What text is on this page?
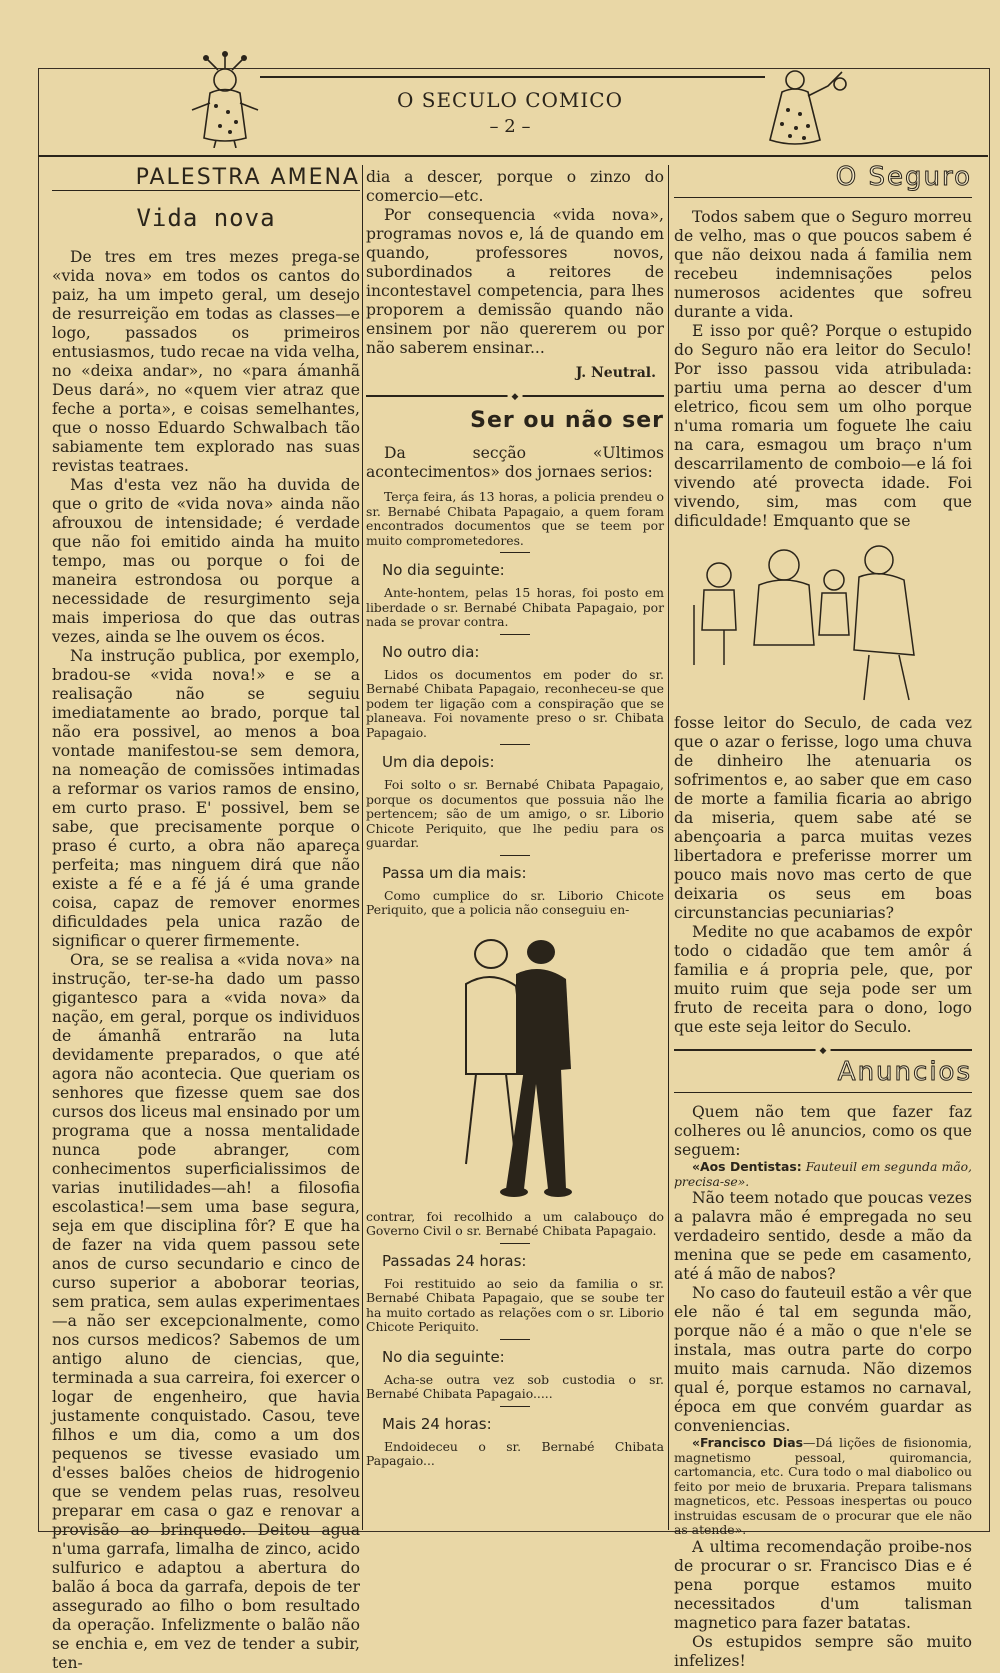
O SECULO COMICO
– 2 –
PALESTRA AMENA
Vida nova

De tres em tres mezes prega-se «vida nova» em todos os cantos do paiz, ha um impeto geral, um desejo de resurreição em todas as classes—e logo, passados os primeiros entusiasmos, tudo recae na vida velha, no «deixa andar», no «para ámanhã Deus dará», no «quem vier atraz que feche a porta», e coisas semelhantes, que o nosso Eduardo Schwalbach tão sabiamente tem explorado nas suas revistas teatraes.

Mas d'esta vez não ha duvida de que o grito de «vida nova» ainda não afrouxou de intensidade; é verdade que não foi emitido ainda ha muito tempo, mas ou porque o foi de maneira estrondosa ou porque a necessidade de resurgimento seja mais imperiosa do que das outras vezes, ainda se lhe ouvem os écos.

Na instrução publica, por exemplo, bradou-se «vida nova!» e se a realisação não se seguiu imediatamente ao brado, porque tal não era possivel, ao menos a boa vontade manifestou-se sem demora, na nomeação de comissões intimadas a reformar os varios ramos de ensino, em curto praso. E' possivel, bem se sabe, que precisamente porque o praso é curto, a obra não apareça perfeita; mas ninguem dirá que não existe a fé e a fé já é uma grande coisa, capaz de remover enormes dificuldades pela unica razão de significar o querer firmemente.

Ora, se se realisa a «vida nova» na instrução, ter-se-ha dado um passo gigantesco para a «vida nova» da nação, em geral, porque os individuos de ámanhã entrarão na luta devidamente preparados, o que até agora não acontecia. Que queriam os senhores que fizesse quem sae dos cursos dos liceus mal ensinado por um programa que a nossa mentalidade nunca pode abranger, com conhecimentos superficialissimos de varias inutilidades—ah! a filosofia escolastica!—sem uma base segura, seja em que disciplina fôr? E que ha de fazer na vida quem passou sete anos de curso secundario e cinco de curso superior a aboborar teorias, sem pratica, sem aulas experimentaes—a não ser excepcionalmente, como nos cursos medicos? Sabemos de um antigo aluno de ciencias, que, terminada a sua carreira, foi exercer o logar de engenheiro, que havia justamente conquistado. Casou, teve filhos e um dia, como a um dos pequenos se tivesse evasiado um d'esses balões cheios de hidrogenio que se vendem pelas ruas, resolveu preparar em casa o gaz e renovar a provisão ao brinquedo. Deitou agua n'uma garrafa, limalha de zinco, acido sulfurico e adaptou a abertura do balão á boca da garrafa, depois de ter assegurado ao filho o bom resultado da operação. Infelizmente o balão não se enchia e, em vez de tender a subir, ten-

dia a descer, porque o zinzo do comercio—etc.

Por consequencia «vida nova», programas novos e, lá de quando em quando, professores novos, subordinados a reitores de incontestavel competencia, para lhes proporem a demissão quando não ensinem por não quererem ou por não saberem ensinar...

J. Neutral.
◆
Ser ou não ser

Da secção «Ultimos acontecimentos» dos jornaes serios:

Terça feira, ás 13 horas, a policia prendeu o sr. Bernabé Chibata Papagaio, a quem foram encontrados documentos que se teem por muito comprometedores.

No dia seguinte:

Ante-hontem, pelas 15 horas, foi posto em liberdade o sr. Bernabé Chibata Papagaio, por nada se provar contra.

No outro dia:

Lidos os documentos em poder do sr. Bernabé Chibata Papagaio, reconheceu-se que podem ter ligação com a conspiração que se planeava. Foi novamente preso o sr. Chibata Papagaio.

Um dia depois:

Foi solto o sr. Bernabé Chibata Papagaio, porque os documentos que possuia não lhe pertencem; são de um amigo, o sr. Liborio Chicote Periquito, que lhe pediu para os guardar.

Passa um dia mais:

Como cumplice do sr. Liborio Chicote Periquito, que a policia não conseguiu en-

contrar, foi recolhido a um calabouço do Governo Civil o sr. Bernabé Chibata Papagaio.

Passadas 24 horas:

Foi restituido ao seio da familia o sr. Bernabé Chibata Papagaio, que se soube ter ha muito cortado as relações com o sr. Liborio Chicote Periquito.

No dia seguinte:

Acha-se outra vez sob custodia o sr. Bernabé Chibata Papagaio.....

Mais 24 horas:

Endoideceu o sr. Bernabé Chibata Papagaio...

O Seguro

Todos sabem que o Seguro morreu de velho, mas o que poucos sabem é que não deixou nada á familia nem recebeu indemnisações pelos numerosos acidentes que sofreu durante a vida.

E isso por quê? Porque o estupido do Seguro não era leitor do Seculo! Por isso passou vida atribulada: partiu uma perna ao descer d'um eletrico, ficou sem um olho porque n'uma romaria um foguete lhe caiu na cara, esmagou um braço n'um descarrilamento de comboio—e lá foi vivendo até provecta idade. Foi vivendo, sim, mas com que dificuldade! Emquanto que se

fosse leitor do Seculo, de cada vez que o azar o ferisse, logo uma chuva de dinheiro lhe atenuaria os sofrimentos e, ao saber que em caso de morte a familia ficaria ao abrigo da miseria, quem sabe até se abençoaria a parca muitas vezes libertadora e preferisse morrer um pouco mais novo mas certo de que deixaria os seus em boas circunstancias pecuniarias?

Medite no que acabamos de expôr todo o cidadão que tem amôr á familia e á propria pele, que, por muito ruim que seja pode ser um fruto de receita para o dono, logo que este seja leitor do Seculo.

◆
Anuncios

Quem não tem que fazer faz colheres ou lê anuncios, como os que seguem:

«Aos Dentistas: Fauteuil em segunda mão, precisa-se».

Não teem notado que poucas vezes a palavra mão é empregada no seu verdadeiro sentido, desde a mão da menina que se pede em casamento, até á mão de nabos?

No caso do fauteuil estão a vêr que ele não é tal em segunda mão, porque não é a mão o que n'ele se instala, mas outra parte do corpo muito mais carnuda. Não dizemos qual é, porque estamos no carnaval, época em que convém guardar as conveniencias.

«Francisco Dias—Dá lições de fisionomia, magnetismo pessoal, quiromancia, cartomancia, etc. Cura todo o mal diabolico ou feito por meio de bruxaria. Prepara talismans magneticos, etc. Pessoas inespertas ou pouco instruidas escusam de o procurar que ele não as atende».

A ultima recomendação proibe-nos de procurar o sr. Francisco Dias e é pena porque estamos muito necessitados d'um talisman magnetico para fazer batatas.

Os estupidos sempre são muito infelizes!
